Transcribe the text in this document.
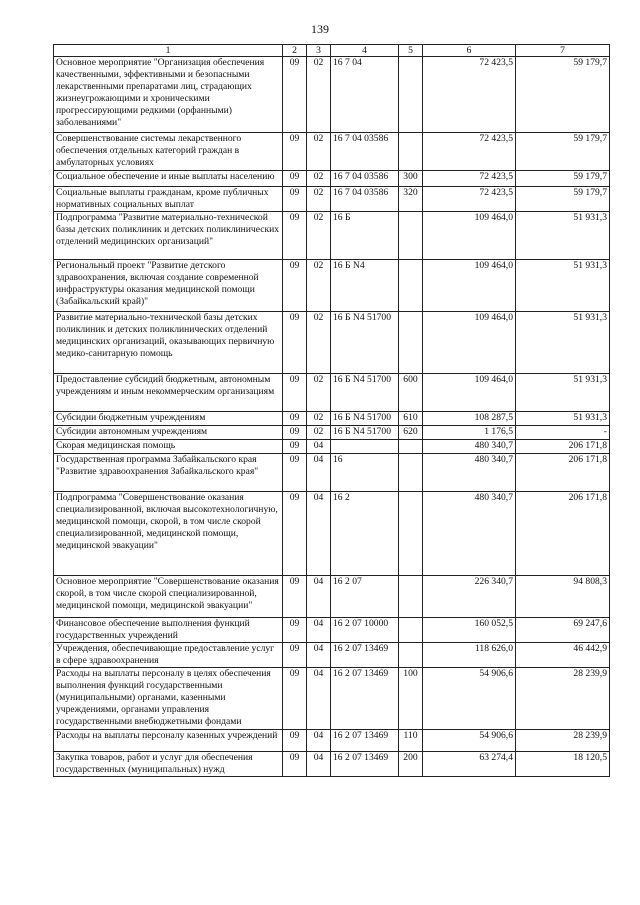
139
1	2	3	4	5	6	7
Основное мероприятие "Организация обеспечения качественными, эффективными и безопасными лекарственными препаратами лиц, страдающих жизнеугрожающими и хроническими прогрессирующими редкими (орфанными) заболеваниями"	09	02	16 7 04		72 423,5	59 179,7
Совершенствование системы лекарственного обеспечения отдельных категорий граждан в амбулаторных условиях	09	02	16 7 04 03586		72 423,5	59 179,7
Социальное обеспечение и иные выплаты населению	09	02	16 7 04 03586	300	72 423,5	59 179,7
Социальные выплаты гражданам, кроме публичных нормативных социальных выплат	09	02	16 7 04 03586	320	72 423,5	59 179,7
Подпрограмма "Развитие материально-технической базы детских поликлиник и детских поликлинических отделений медицинских организаций"	09	02	16 Б		109 464,0	51 931,3
Региональный проект "Развитие детского здравоохранения, включая создание современной инфраструктуры оказания медицинской помощи (Забайкальский край)"	09	02	16 Б N4		109 464,0	51 931,3
Развитие материально-технической базы детских поликлиник и детских поликлинических отделений медицинских организаций, оказывающих первичную медико-санитарную помощь	09	02	16 Б N4 51700		109 464,0	51 931,3
Предоставление субсидий бюджетным, автономным учреждениям и иным некоммерческим организациям	09	02	16 Б N4 51700	600	109 464,0	51 931,3
Субсидии бюджетным учреждениям	09	02	16 Б N4 51700	610	108 287,5	51 931,3
Субсидии автономным учреждениям	09	02	16 Б N4 51700	620	1 176,5	-
Скорая медицинская помощь	09	04			480 340,7	206 171,8
Государственная программа Забайкальского края "Развитие здравоохранения Забайкальского края"	09	04	16		480 340,7	206 171,8
Подпрограмма "Совершенствование оказания специализированной, включая высокотехнологичную, медицинской помощи, скорой, в том числе скорой специализированной, медицинской помощи, медицинской эвакуации"	09	04	16 2		480 340,7	206 171,8
Основное мероприятие "Совершенствование оказания скорой, в том числе скорой специализированной, медицинской помощи, медицинской эвакуации"	09	04	16 2 07		226 340,7	94 808,3
Финансовое обеспечение выполнения функций государственных учреждений	09	04	16 2 07 10000		160 052,5	69 247,6
Учреждения, обеспечивающие предоставление услуг в сфере здравоохранения	09	04	16 2 07 13469		118 626,0	46 442,9
Расходы на выплаты персоналу в целях обеспечения выполнения функций государственными (муниципальными) органами, казенными учреждениями, органами управления государственными внебюджетными фондами	09	04	16 2 07 13469	100	54 906,6	28 239,9
Расходы на выплаты персоналу казенных учреждений	09	04	16 2 07 13469	110	54 906,6	28 239,9
Закупка товаров, работ и услуг для обеспечения государственных (муниципальных) нужд	09	04	16 2 07 13469	200	63 274,4	18 120,5
